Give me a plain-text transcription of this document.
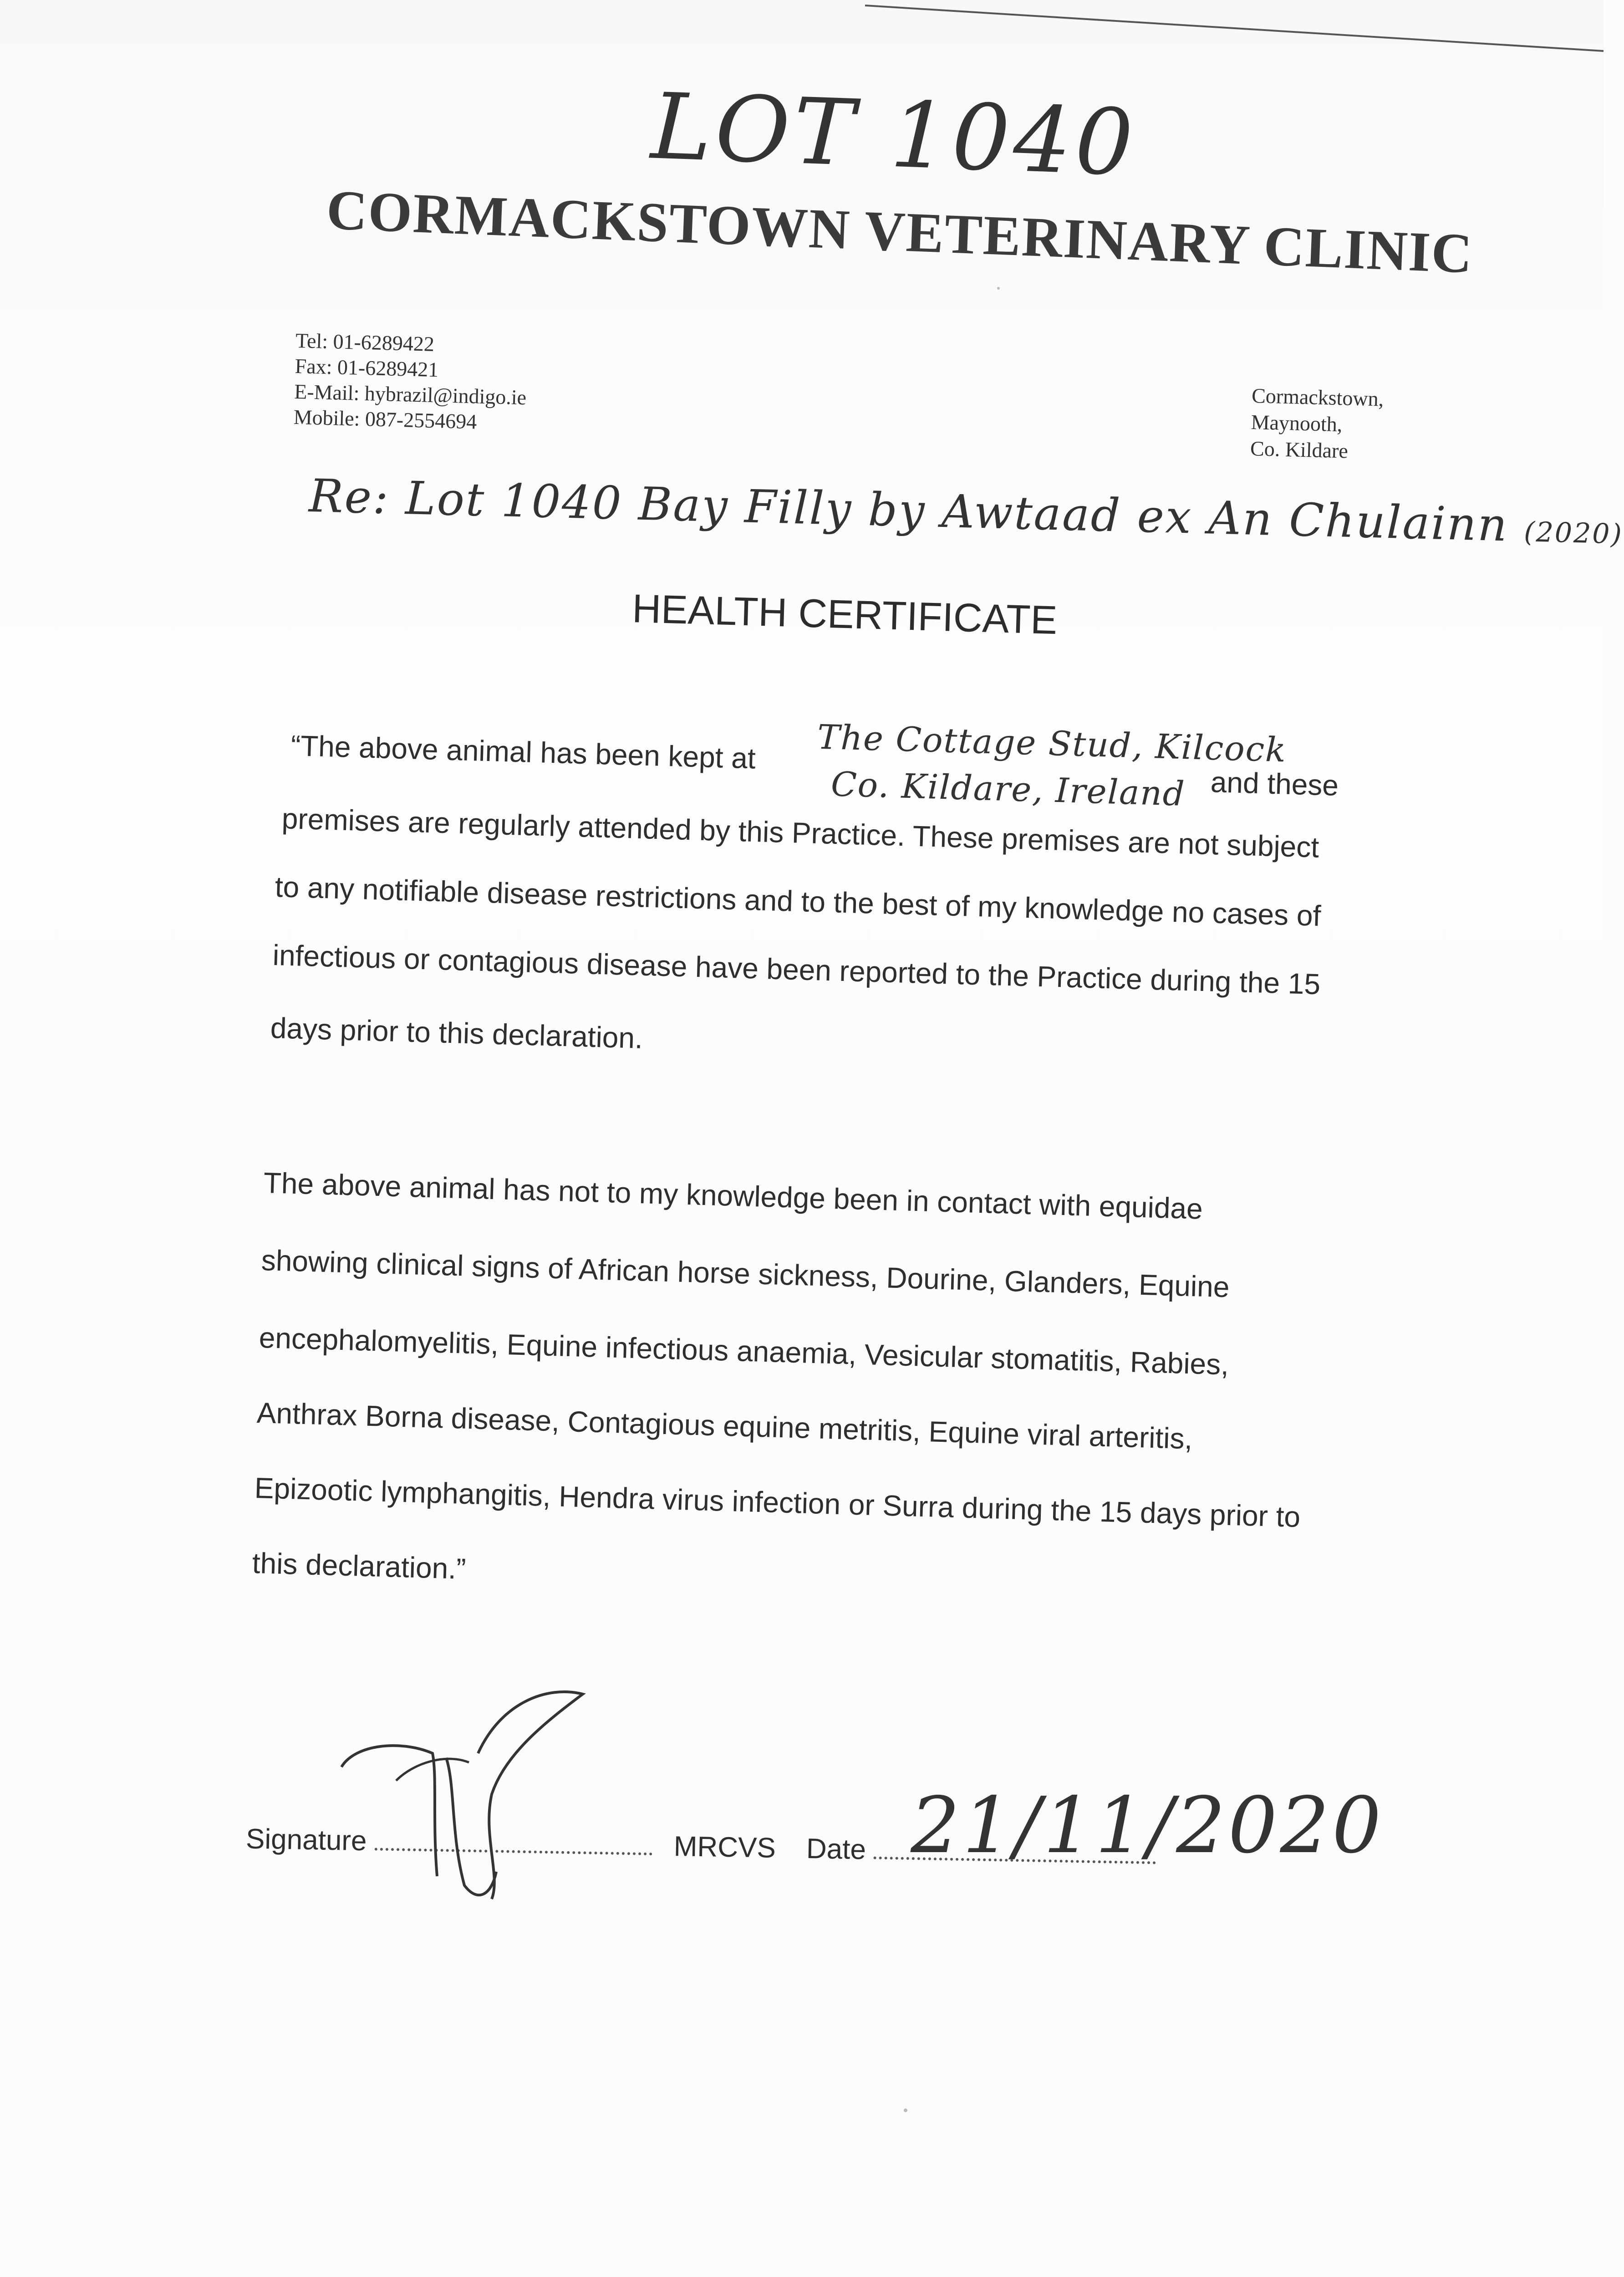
LOT 1040
CORMACKSTOWN VETERINARY CLINIC
Tel: 01-6289422
Fax: 01-6289421
E-Mail: hybrazil@indigo.ie
Mobile: 087-2554694
Cormackstown,
Maynooth,
Co. Kildare
Re: Lot 1040 Bay Filly by Awtaad ex An Chulainn (2020)
HEALTH CERTIFICATE
“The above animal has been kept at The Cottage Stud, Kilcock
and these
Co. Kildare, Ireland
premises are regularly attended by this Practice. These premises are not subject
to any notifiable disease restrictions and to the best of my knowledge no cases of
infectious or contagious disease have been reported to the Practice during the 15
days prior to this declaration.
The above animal has not to my knowledge been in contact with equidae
showing clinical signs of African horse sickness, Dourine, Glanders, Equine
encephalomyelitis, Equine infectious anaemia, Vesicular stomatitis, Rabies,
Anthrax Borna disease, Contagious equine metritis, Equine viral arteritis,
Epizootic lymphangitis, Hendra virus infection or Surra during the 15 days prior to
this declaration.”
Signature	MRCVS Date 21/11/2020
